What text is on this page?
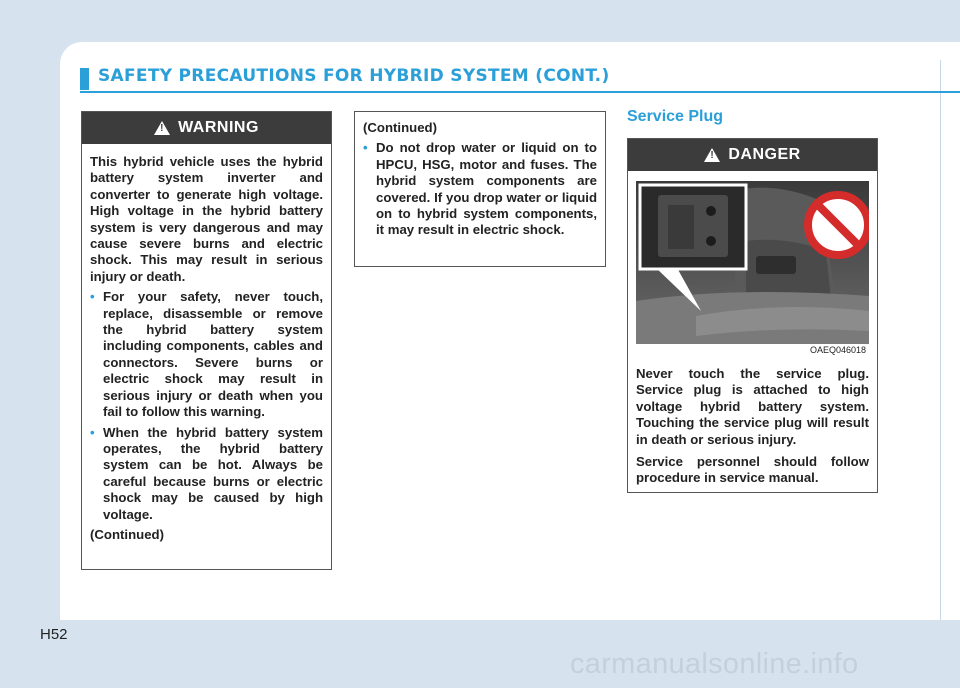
SAFETY PRECAUTIONS FOR HYBRID SYSTEM (CONT.)
!
WARNING

This hybrid vehicle uses the hybrid battery system inverter and converter to generate high voltage. High voltage in the hybrid battery system is very dangerous and may cause severe burns and electric shock. This may result in serious injury or death.

• For your safety, never touch, replace, disassemble or remove the hybrid battery system including components, cables and connectors. Severe burns or electric shock may result in serious injury or death when you fail to follow this warning.
• When the hybrid battery system operates, the hybrid battery system can be hot. Always be careful because burns or electric shock may be caused by high voltage.

(Continued)

(Continued)

• Do not drop water or liquid on to HPCU, HSG, motor and fuses. The hybrid system components are covered. If you drop water or liquid on to hybrid system components, it may result in electric shock.
Service Plug
!
DANGER
OAEQ046018

Never touch the service plug. Service plug is attached to high voltage hybrid battery system. Touching the service plug will result in death or serious injury.

Service personnel should follow procedure in service manual.

H52
carmanualsonline.info
